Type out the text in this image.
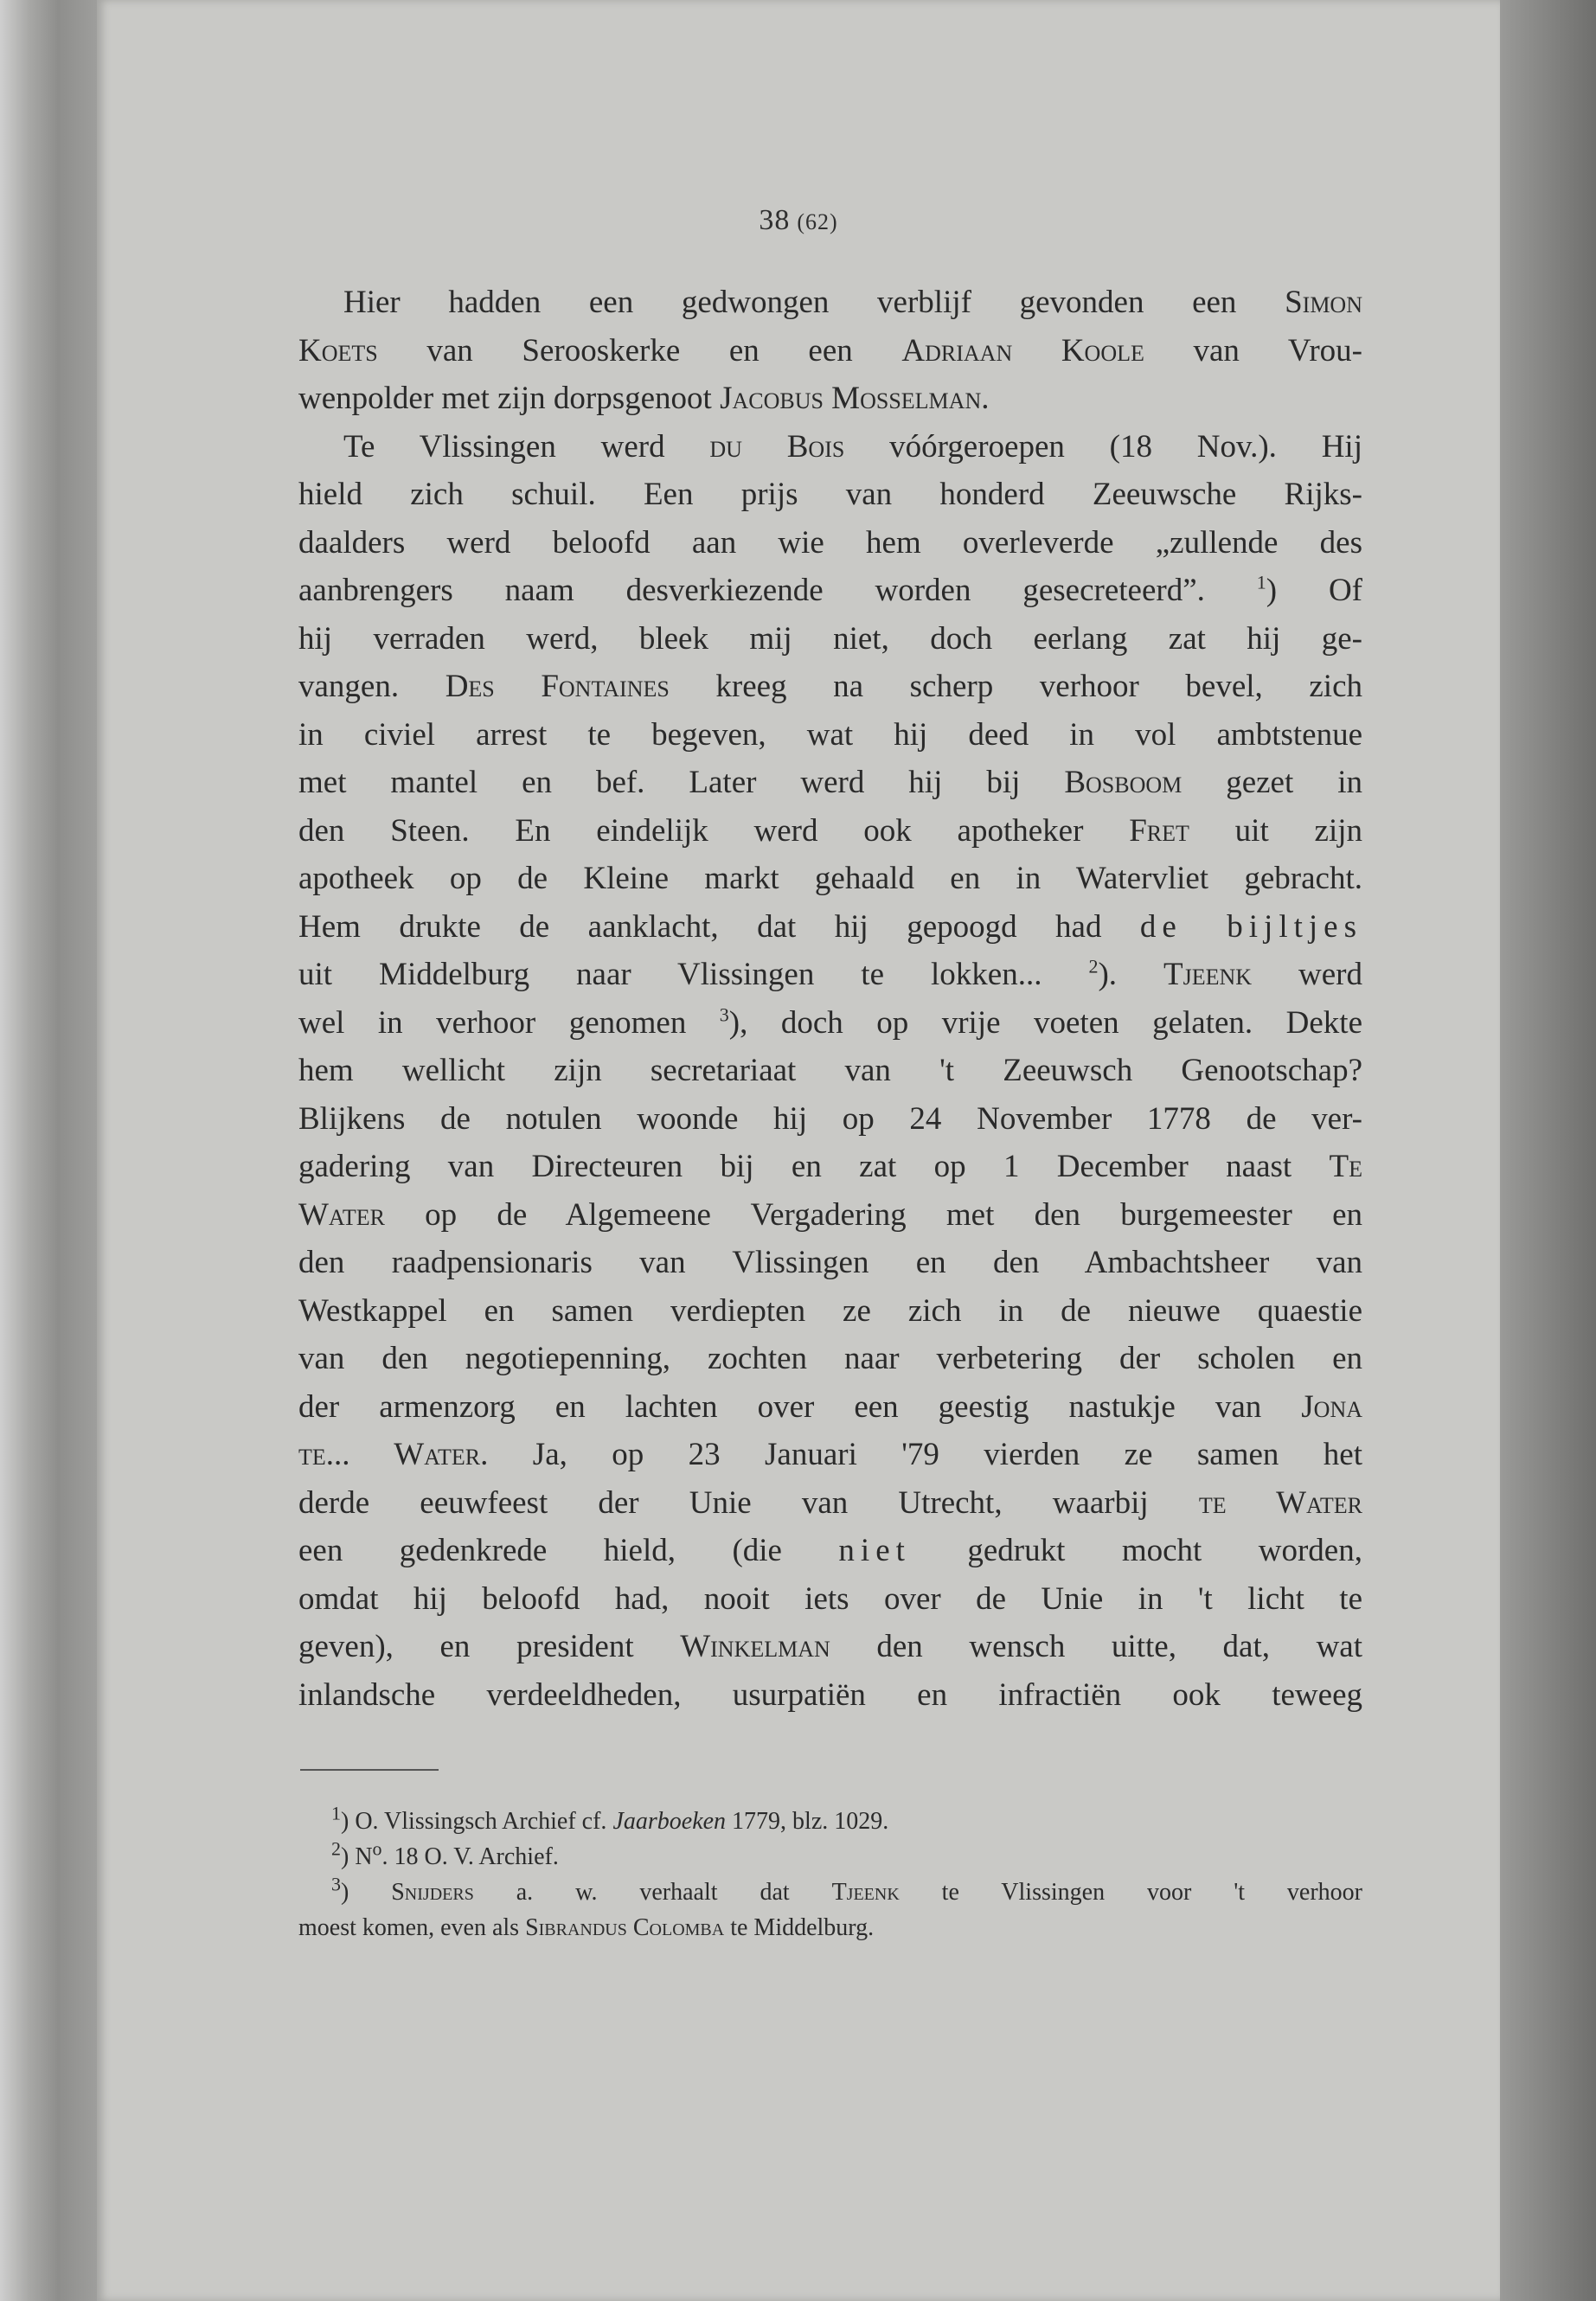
38 (62)
Hier hadden een gedwongen verblijf gevonden een Simon
Koets van Serooskerke en een Adriaan Koole van Vrou-
wenpolder met zijn dorpsgenoot Jacobus Mosselman.
Te Vlissingen werd du Bois vóórgeroepen (18 Nov.). Hij
hield zich schuil. Een prijs van honderd Zeeuwsche Rijks-
daalders werd beloofd aan wie hem overleverde „zullende des
aanbrengers naam desverkiezende worden gesecreteerd”. $^1$) Of
hij verraden werd, bleek mij niet, doch eerlang zat hij ge-
vangen. Des Fontaines kreeg na scherp verhoor bevel, zich
in civiel arrest te begeven, wat hij deed in vol ambtstenue
met mantel en bef. Later werd hij bij Bosboom gezet in
den Steen. En eindelijk werd ook apotheker Fret uit zijn
apotheek op de Kleine markt gehaald en in Watervliet gebracht.
Hem drukte de aanklacht, dat hij gepoogd had de bijltjes
uit Middelburg naar Vlissingen te lokken... $^2$). Tjeenk werd
wel in verhoor genomen $^3$), doch op vrije voeten gelaten. Dekte
hem wellicht zijn secretariaat van 't Zeeuwsch Genootschap?
Blijkens de notulen woonde hij op 24 November 1778 de ver-
gadering van Directeuren bij en zat op 1 December naast Te
Water op de Algemeene Vergadering met den burgemeester en
den raadpensionaris van Vlissingen en den Ambachtsheer van
Westkappel en samen verdiepten ze zich in de nieuwe quaestie
van den negotiepenning, zochten naar verbetering der scholen en
der armenzorg en lachten over een geestig nastukje van Jona
te... Water. Ja, op 23 Januari '79 vierden ze samen het
derde eeuwfeest der Unie van Utrecht, waarbij te Water
een gedenkrede hield, (die niet gedrukt mocht worden,
omdat hij beloofd had, nooit iets over de Unie in 't licht te
geven), en president Winkelman den wensch uitte, dat, wat
inlandsche verdeeldheden, usurpatiën en infractiën ook teweeg
$^1$) O. Vlissingsch Archief cf. Jaarboeken 1779, blz. 1029.
$^2$) $N^o$. 18 O. V. Archief.
$^3$) Snijders a. w. verhaalt dat Tjeenk te Vlissingen voor 't verhoor
moest komen, even als Sibrandus Colomba te Middelburg.
